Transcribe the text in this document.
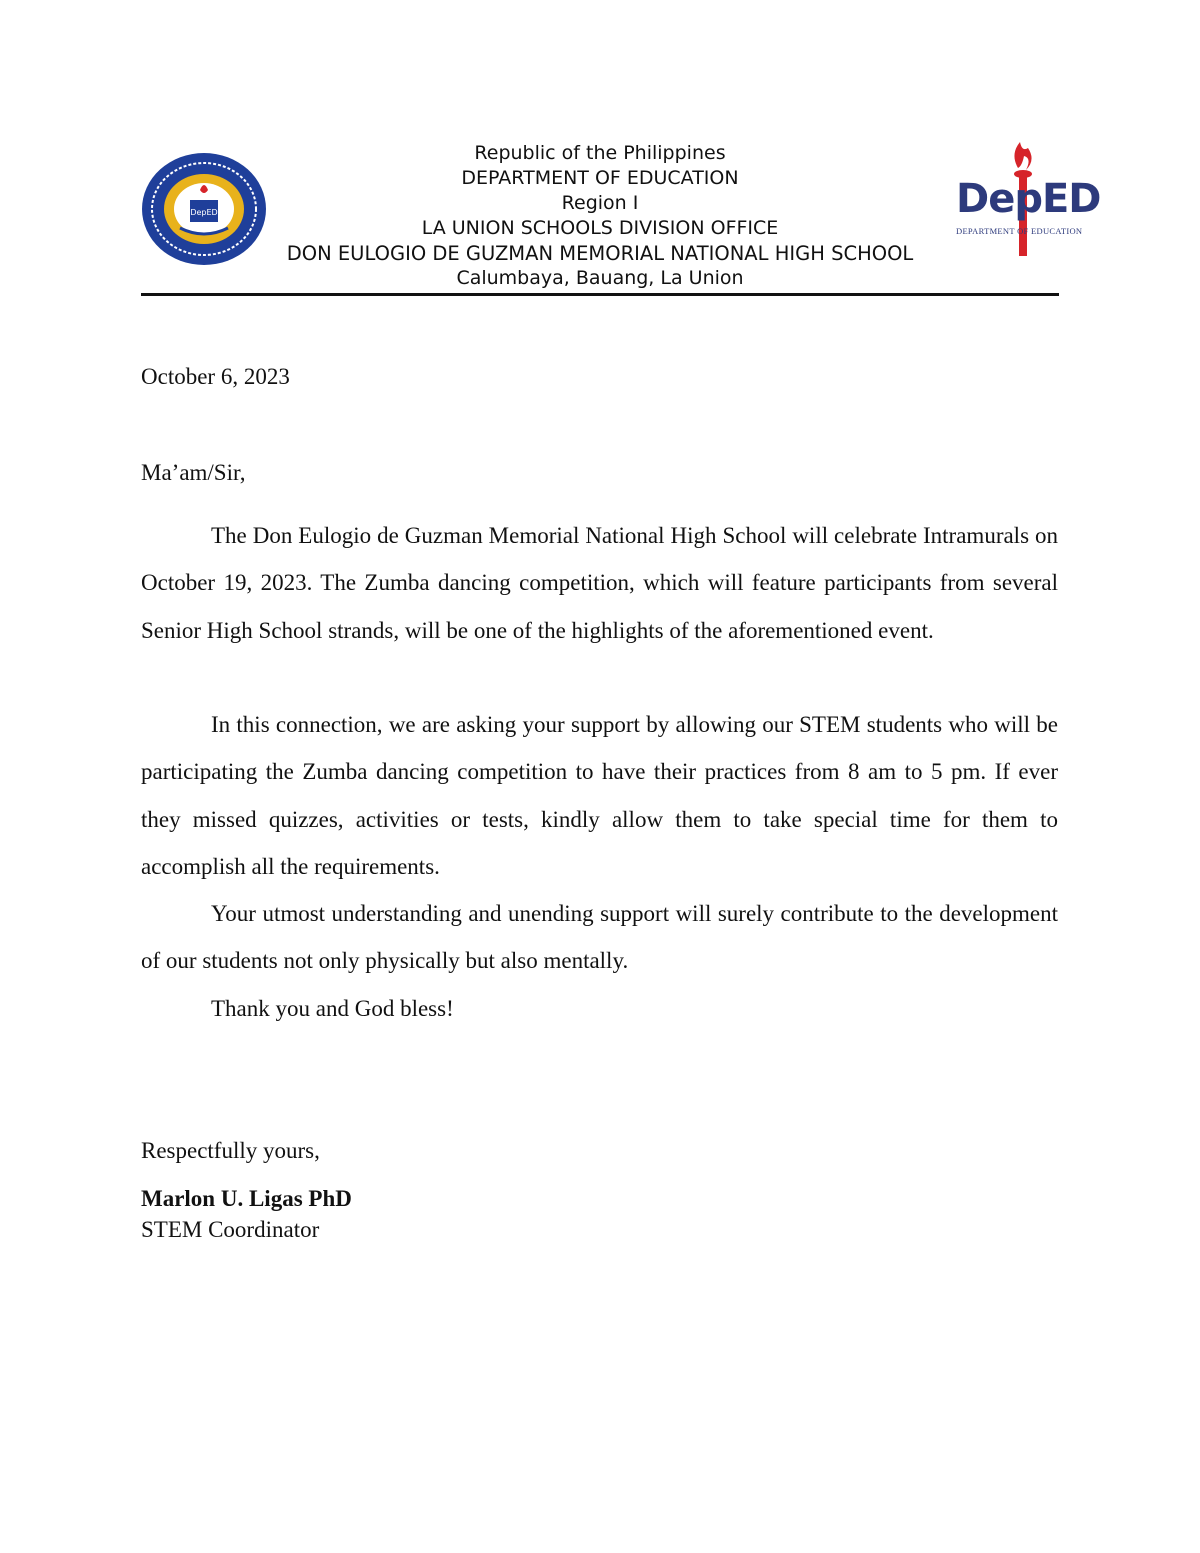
DepED	DepED
DEPARTMENT OF EDUCATION
Republic of the Philippines
DEPARTMENT OF EDUCATION
Region I
LA UNION SCHOOLS DIVISION OFFICE
DON EULOGIO DE GUZMAN MEMORIAL NATIONAL HIGH SCHOOL
Calumbaya, Bauang, La Union
October 6, 2023
Ma’am/Sir,

The Don Eulogio de Guzman Memorial National High School will celebrate Intramurals on October 19, 2023. The Zumba dancing competition, which will feature participants from several Senior High School strands, will be one of the highlights of the aforementioned event.

In this connection, we are asking your support by allowing our STEM students who will be participating the Zumba dancing competition to have their practices from 8 am to 5 pm. If ever they missed quizzes, activities or tests, kindly allow them to take special time for them to accomplish all the requirements.

Your utmost understanding and unending support will surely contribute to the development of our students not only physically but also mentally.

Thank you and God bless!

Respectfully yours,
Marlon U. Ligas PhD
STEM Coordinator
